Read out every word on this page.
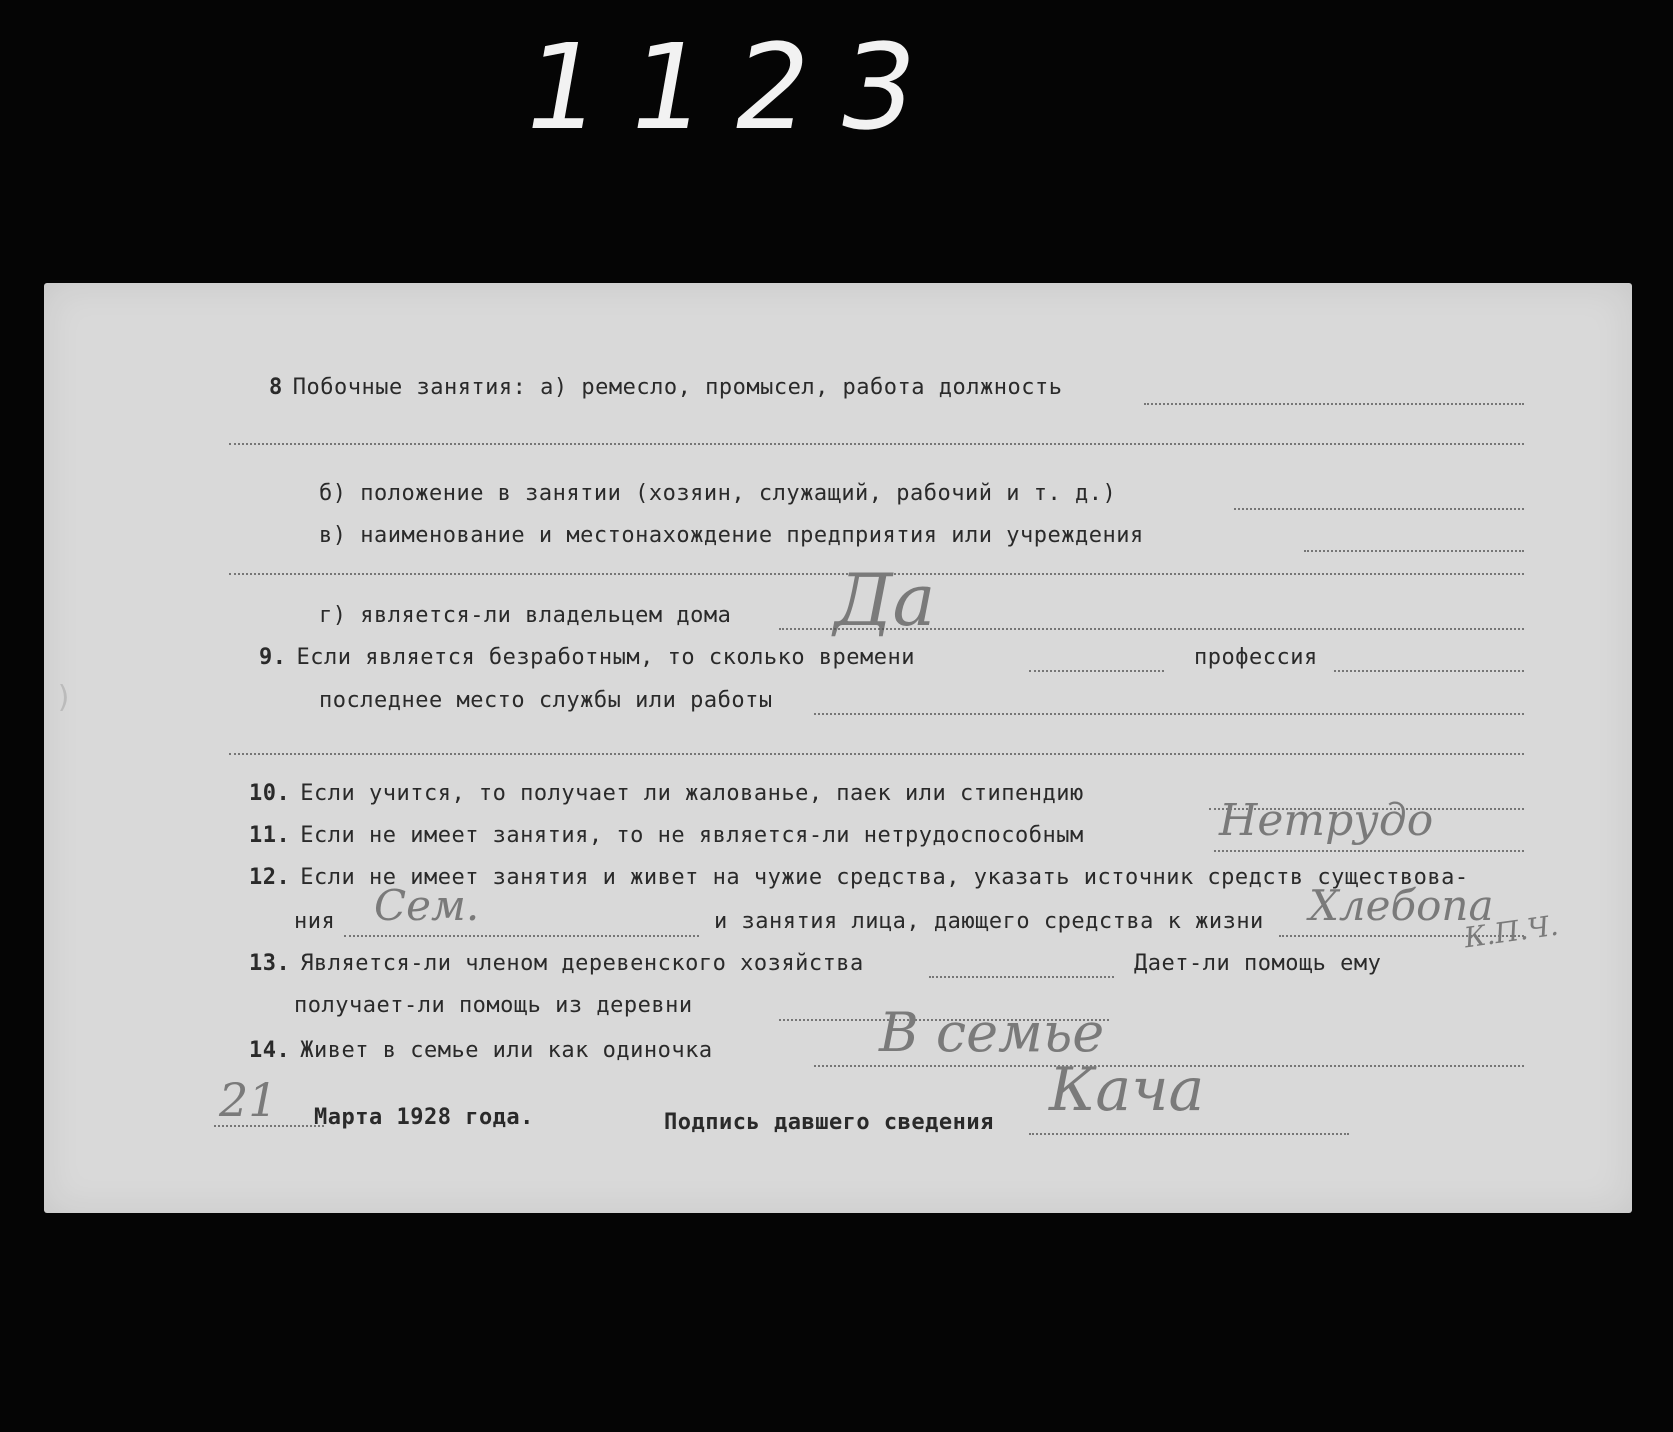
1123
8 Побочные занятия: а) ремесло, промысел, работа должность
б) положение в занятии (хозяин, служащий, рабочий и т. д.)
в) наименование и местонахождение предприятия или учреждения
г) является-ли владельцем дома Да
9. Если является безработным, то сколько времени	профессия
последнее место службы или работы
10. Если учится, то получает ли жалованье, паек или стипендию
11. Если не имеет занятия, то не является-ли нетрудоспособным	Нетрудо
12. Если не имеет занятия и живет на чужие средства, указать источник средств существова-
ния Сем.	и занятия лица, дающего средства к жизни Хлебопа
13. Является-ли членом деревенского хозяйства	Дает-ли помощь ему
К.П.Ч.
получает-ли помощь из деревни
14. Живет в семье или как одиночка	В семье
21 Марта 1928 года.	Подпись давшего сведения Кача
)
